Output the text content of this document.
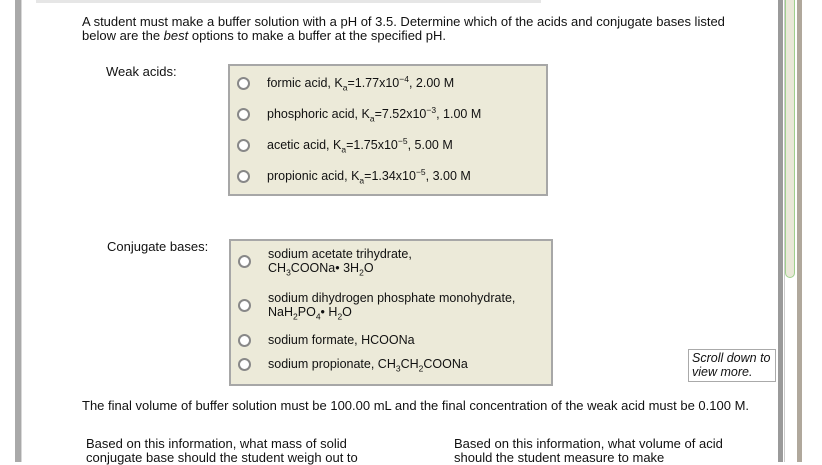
A student must make a buffer solution with a pH of 3.5. Determine which of the acids and conjugate bases listed below are the best options to make a buffer at the specified pH.
Weak acids:
formic acid, $K_a=1.77x10^{-4}$, 2.00 M
phosphoric acid, $K_a=7.52x10^{-3}$, 1.00 M
acetic acid, $K_a=1.75x10^{-5}$, 5.00 M
propionic acid, $K_a=1.34x10^{-5}$, 3.00 M
Conjugate bases:	sodium acetate trihydrate,
$CH_3COONa•$ $3H_2O$
sodium dihydrogen phosphate monohydrate,
$NaH_2PO_4•$ $H_2O$
sodium formate, HCOONa
sodium propionate, $CH_3CH_2COONa$	Scroll down to view more.
The final volume of buffer solution must be 100.00 mL and the final concentration of the weak acid must be 0.100 M.
Based on this information, what mass of solid conjugate base should the student weigh out to
Based on this information, what volume of acid should the student measure to make
